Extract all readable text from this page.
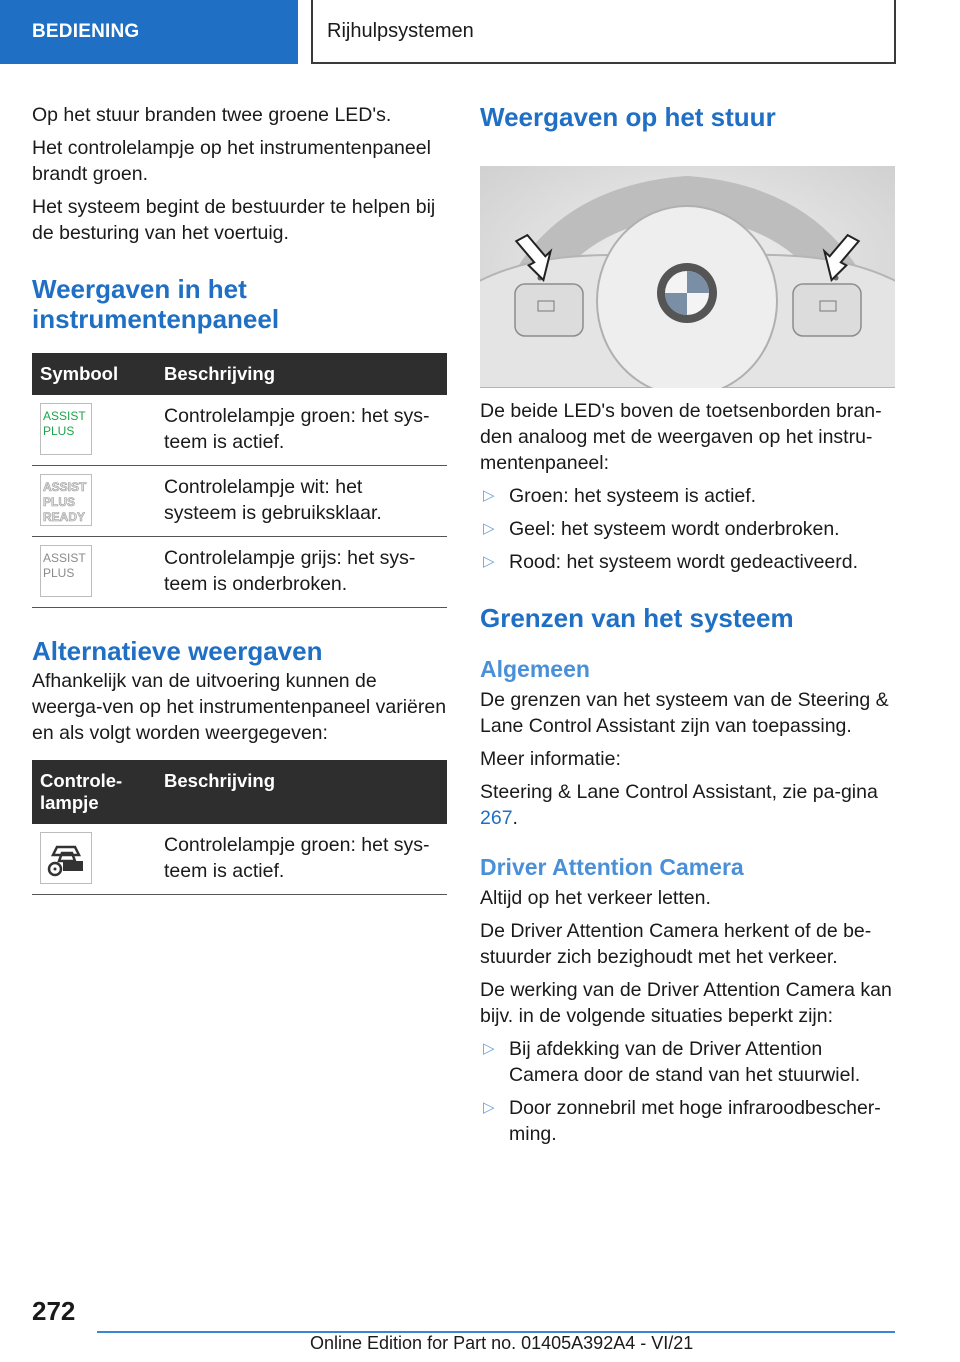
BEDIENING	Rijhulpsystemen

Op het stuur branden twee groene LED's.

Het controlelampje op het instrumentenpaneel brandt groen.

Het systeem begint de bestuurder te helpen bij de besturing van het voertuig.

Weergaven in het instrumentenpaneel
Symbool	Beschrijving

ASSIST
PLUS	Controlelampje groen: het sys-teem is actief.

ASSIST
PLUS
READY	Controlelampje wit: het systeem is gebruiksklaar.

ASSIST
PLUS	Controlelampje grijs: het sys-teem is onderbroken.
Alternatieve weergaven

Afhankelijk van de uitvoering kunnen de weerga-ven op het instrumentenpaneel variëren en als volgt worden weergegeven:

Controle-lampje	Beschrijving

	Controlelampje groen: het sys-teem is actief.
Weergaven op het stuur

De beide LED's boven de toetsenborden bran-den analoog met de weergaven op het instru-mentenpaneel:

▷ Groen: het systeem is actief.
▷ Geel: het systeem wordt onderbroken.
▷ Rood: het systeem wordt gedeactiveerd.
Grenzen van het systeem
Algemeen

De grenzen van het systeem van de Steering & Lane Control Assistant zijn van toepassing.

Meer informatie:

Steering & Lane Control Assistant, zie pa-gina 267.

Driver Attention Camera

Altijd op het verkeer letten.

De Driver Attention Camera herkent of de be-stuurder zich bezighoudt met het verkeer.

De werking van de Driver Attention Camera kan bijv. in de volgende situaties beperkt zijn:

▷ Bij afdekking van de Driver Attention Camera door de stand van het stuurwiel.
▷ Door zonnebril met hoge infraroodbescher-ming.
272
Online Edition for Part no. 01405A392A4 - VI/21
